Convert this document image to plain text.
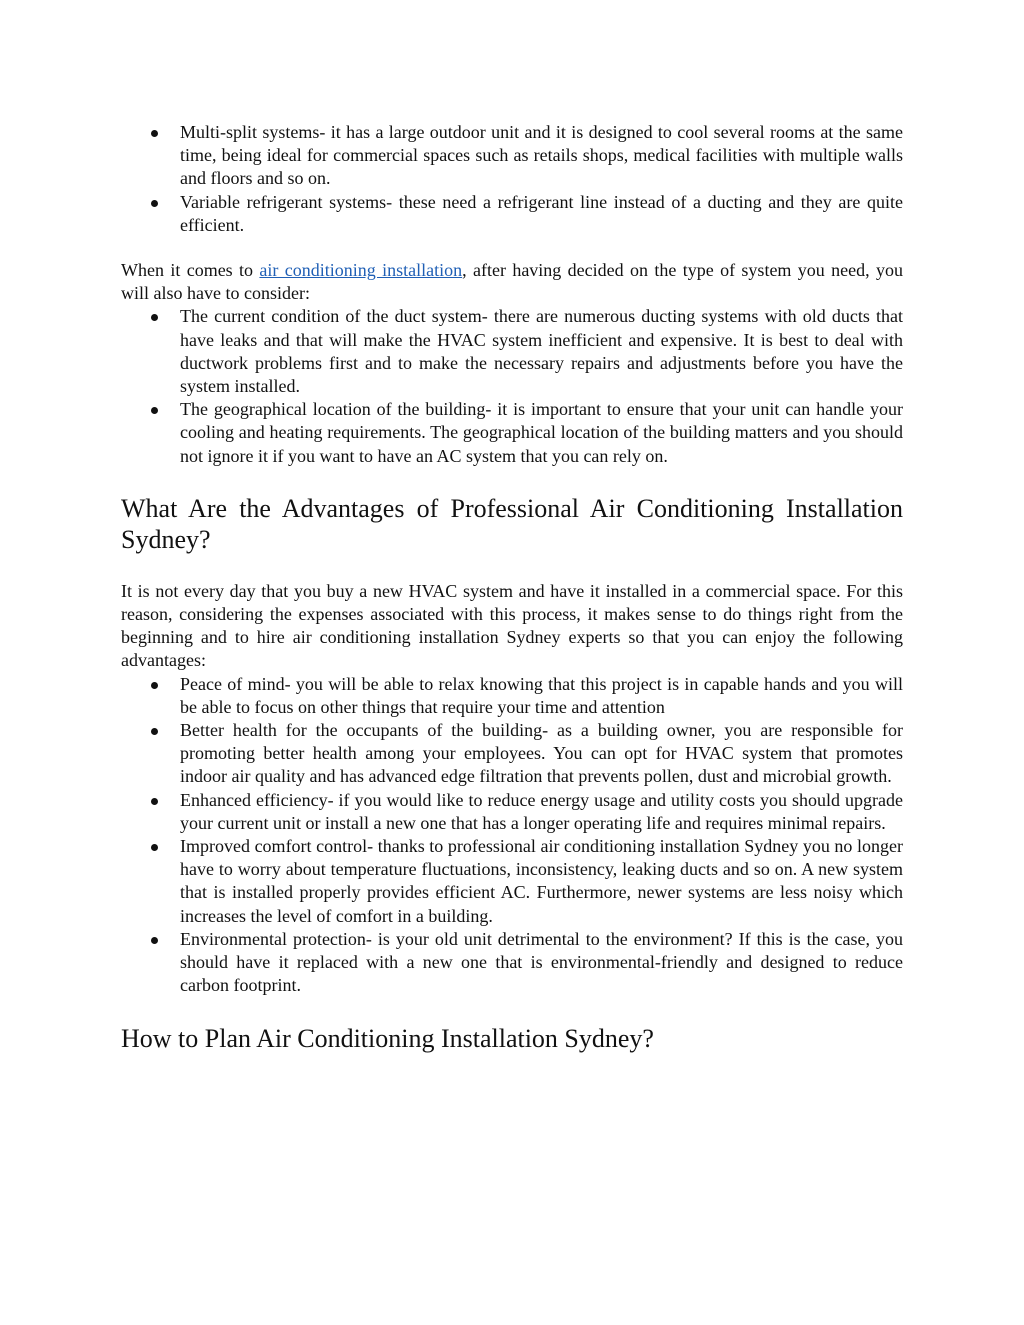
Multi-split systems- it has a large outdoor unit and it is designed to cool several rooms at the same time, being ideal for commercial spaces such as retails shops, medical facilities with multiple walls and floors and so on.
Variable refrigerant systems- these need a refrigerant line instead of a ducting and they are quite efficient.

When it comes to air conditioning installation, after having decided on the type of system you need, you will also have to consider:

The current condition of the duct system- there are numerous ducting systems with old ducts that have leaks and that will make the HVAC system inefficient and expensive. It is best to deal with ductwork problems first and to make the necessary repairs and adjustments before you have the system installed.
The geographical location of the building- it is important to ensure that your unit can handle your cooling and heating requirements. The geographical location of the building matters and you should not ignore it if you want to have an AC system that you can rely on.
What Are the Advantages of Professional Air Conditioning Installation Sydney?

It is not every day that you buy a new HVAC system and have it installed in a commercial space. For this reason, considering the expenses associated with this process, it makes sense to do things right from the beginning and to hire air conditioning installation Sydney experts so that you can enjoy the following advantages:

Peace of mind- you will be able to relax knowing that this project is in capable hands and you will be able to focus on other things that require your time and attention
Better health for the occupants of the building- as a building owner, you are responsible for promoting better health among your employees. You can opt for HVAC system that promotes indoor air quality and has advanced edge filtration that prevents pollen, dust and microbial growth.
Enhanced efficiency- if you would like to reduce energy usage and utility costs you should upgrade your current unit or install a new one that has a longer operating life and requires minimal repairs.
Improved comfort control- thanks to professional air conditioning installation Sydney you no longer have to worry about temperature fluctuations, inconsistency, leaking ducts and so on. A new system that is installed properly provides efficient AC. Furthermore, newer systems are less noisy which increases the level of comfort in a building.
Environmental protection- is your old unit detrimental to the environment? If this is the case, you should have it replaced with a new one that is environmental-friendly and designed to reduce carbon footprint.
How to Plan Air Conditioning Installation Sydney?
